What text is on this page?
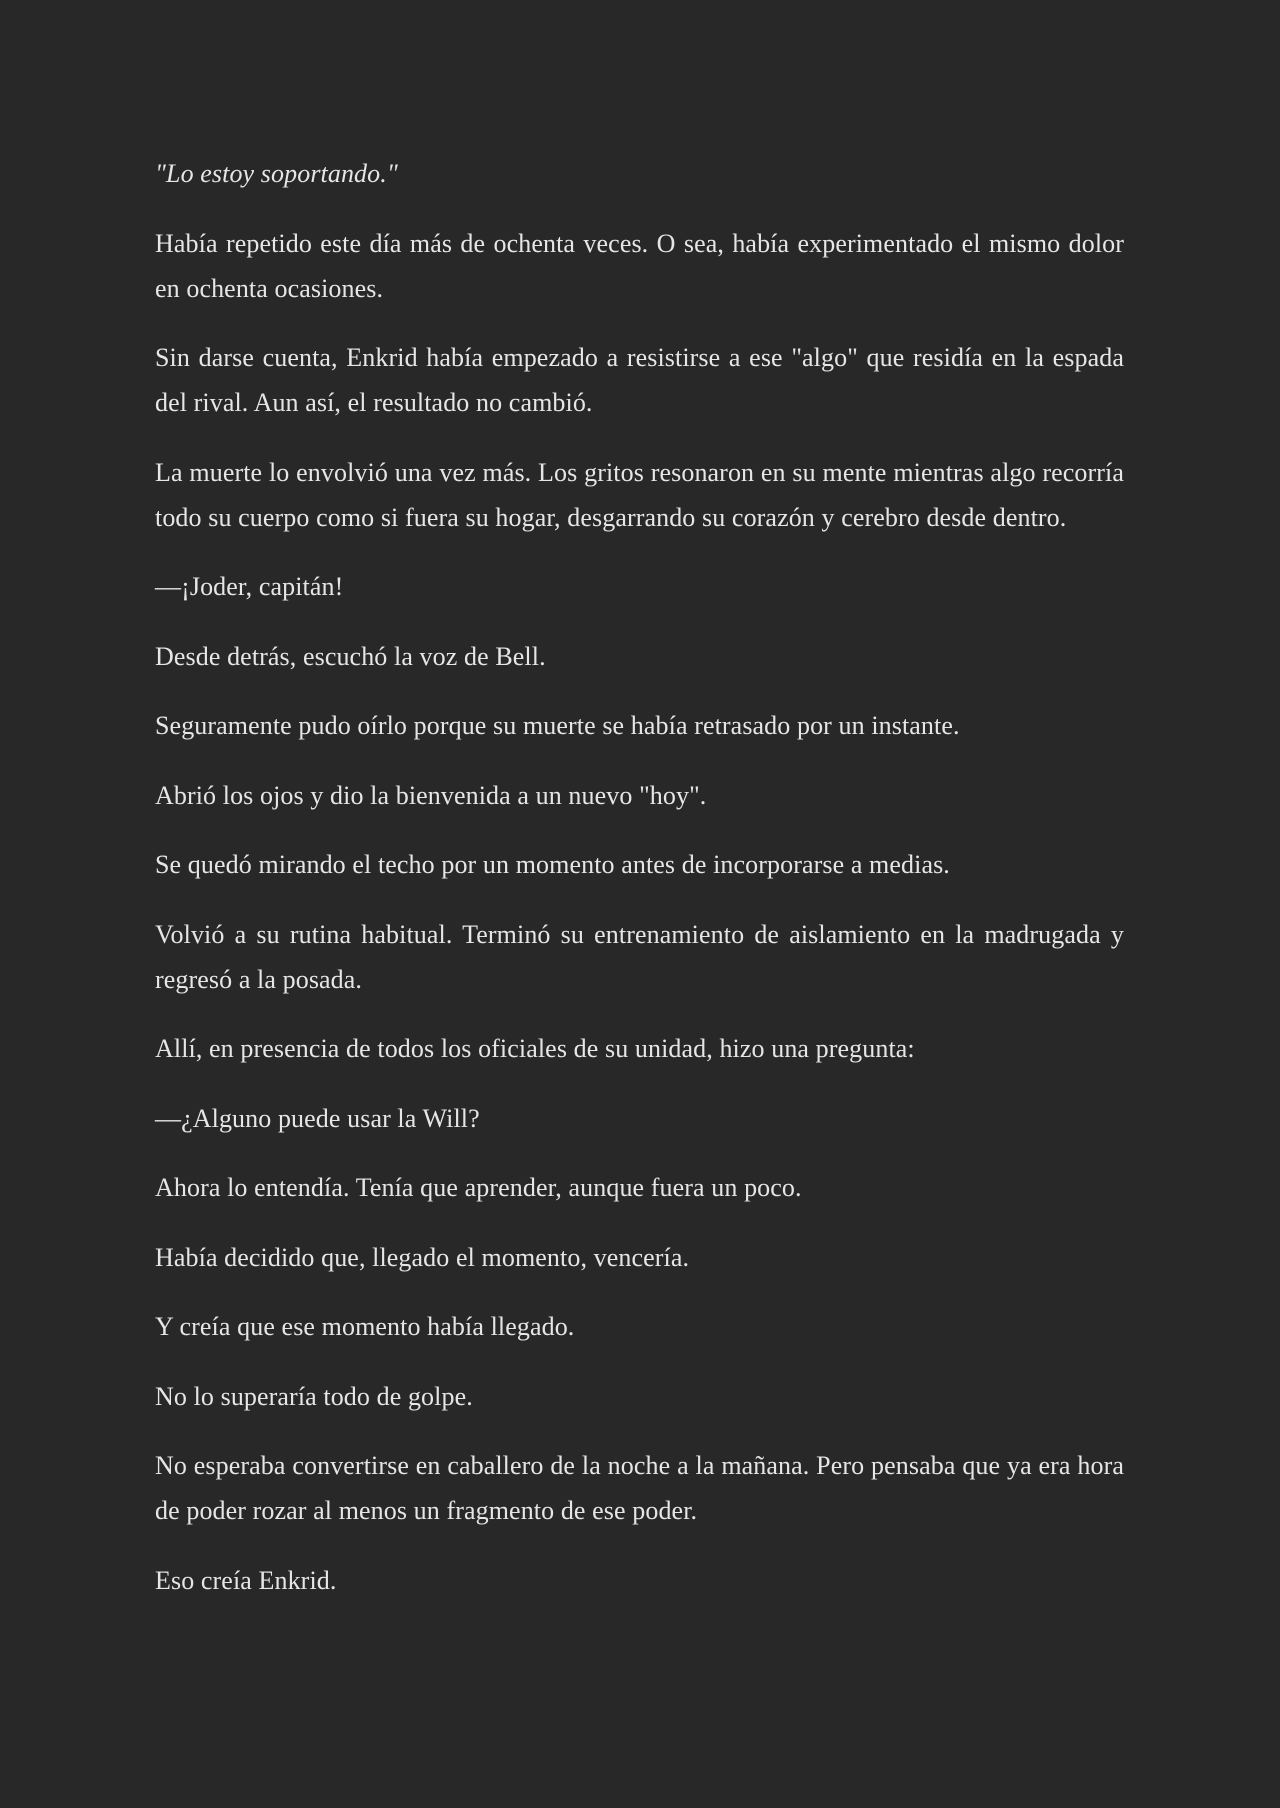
"Lo estoy soportando."

Había repetido este día más de ochenta veces. O sea, había experimentado el mismo dolor en ochenta ocasiones.

Sin darse cuenta, Enkrid había empezado a resistirse a ese "algo" que residía en la espada del rival. Aun así, el resultado no cambió.

La muerte lo envolvió una vez más. Los gritos resonaron en su mente mientras algo recorría todo su cuerpo como si fuera su hogar, desgarrando su corazón y cerebro desde dentro.

—¡Joder, capitán!

Desde detrás, escuchó la voz de Bell.

Seguramente pudo oírlo porque su muerte se había retrasado por un instante.

Abrió los ojos y dio la bienvenida a un nuevo "hoy".

Se quedó mirando el techo por un momento antes de incorporarse a medias.

Volvió a su rutina habitual. Terminó su entrenamiento de aislamiento en la madrugada y regresó a la posada.

Allí, en presencia de todos los oficiales de su unidad, hizo una pregunta:

—¿Alguno puede usar la Will?

Ahora lo entendía. Tenía que aprender, aunque fuera un poco.

Había decidido que, llegado el momento, vencería.

Y creía que ese momento había llegado.

No lo superaría todo de golpe.

No esperaba convertirse en caballero de la noche a la mañana. Pero pensaba que ya era hora de poder rozar al menos un fragmento de ese poder.

Eso creía Enkrid.
